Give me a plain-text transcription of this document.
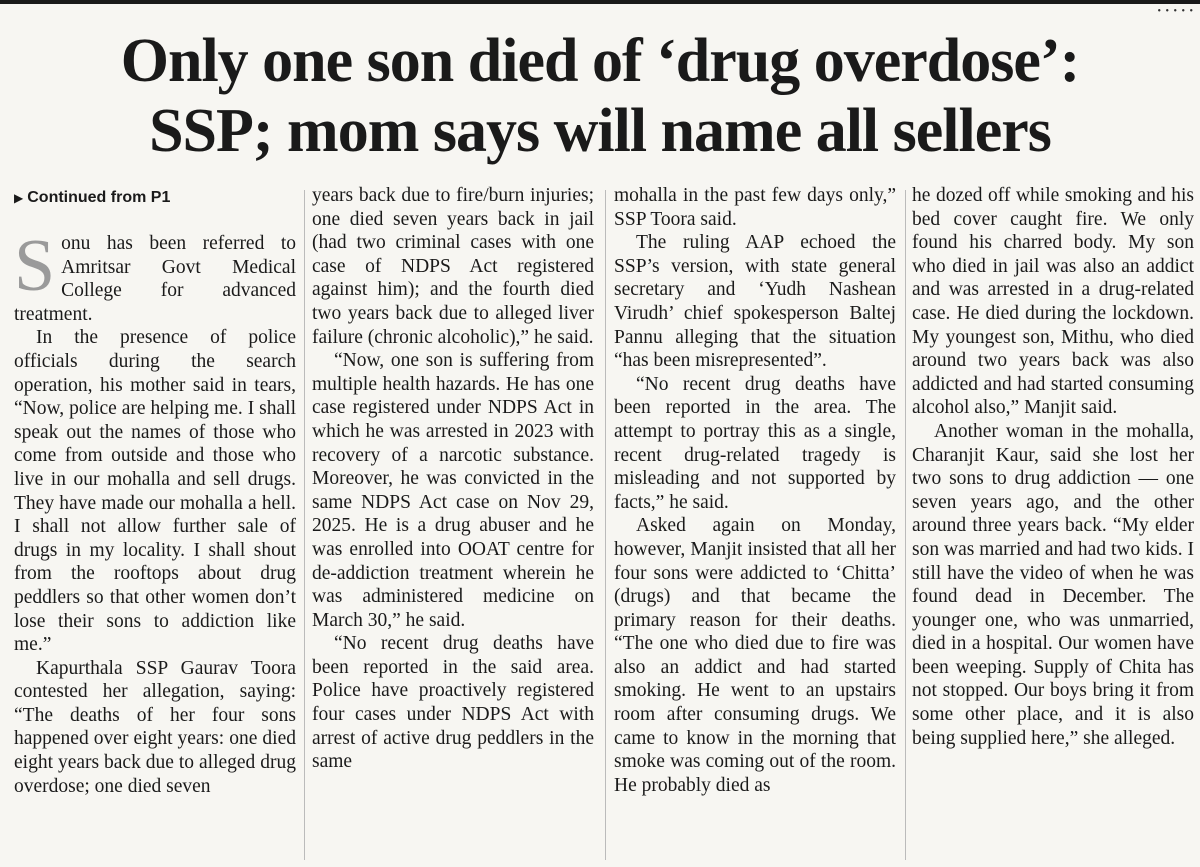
• • • • •
Only one son died of ‘drug overdose’:
SSP; mom says will name all sellers
▶ Continued from P1

Sonu has been referred to Amritsar Govt Medical College for advanced treatment.

In the presence of police officials during the search operation, his mother said in tears, “Now, police are helping me. I shall speak out the names of those who come from outside and those who live in our mohalla and sell drugs. They have made our mohalla a hell. I shall not allow further sale of drugs in my locality. I shall shout from the rooftops about drug peddlers so that other women don’t lose their sons to addiction like me.”

Kapurthala SSP Gaurav Toora contested her allegation, saying: “The deaths of her four sons happened over eight years: one died eight years back due to alleged drug overdose; one died seven

years back due to fire/burn injuries; one died seven years back in jail (had two criminal cases with one case of NDPS Act registered against him); and the fourth died two years back due to alleged liver failure (chronic alcoholic),” he said.

“Now, one son is suffering from multiple health hazards. He has one case registered under NDPS Act in which he was arrested in 2023 with recovery of a narcotic substance. Moreover, he was convicted in the same NDPS Act case on Nov 29, 2025. He is a drug abuser and he was enrolled into OOAT centre for de-addiction treatment wherein he was administered medicine on March 30,” he said.

“No recent drug deaths have been reported in the said area. Police have proactively registered four cases under NDPS Act with arrest of active drug peddlers in the same

mohalla in the past few days only,” SSP Toora said.

The ruling AAP echoed the SSP’s version, with state general secretary and ‘Yudh Nashean Virudh’ chief spokesperson Baltej Pannu alleging that the situation “has been misrepresented”.

“No recent drug deaths have been reported in the area. The attempt to portray this as a single, recent drug-related tragedy is misleading and not supported by facts,” he said.

Asked again on Monday, however, Manjit insisted that all her four sons were addicted to ‘Chitta’ (drugs) and that became the primary reason for their deaths. “The one who died due to fire was also an addict and had started smoking. He went to an upstairs room after consuming drugs. We came to know in the morning that smoke was coming out of the room. He probably died as

he dozed off while smoking and his bed cover caught fire. We only found his charred body. My son who died in jail was also an addict and was arrested in a drug-related case. He died during the lockdown. My youngest son, Mithu, who died around two years back was also addicted and had started consuming alcohol also,” Manjit said.

Another woman in the mohalla, Charanjit Kaur, said she lost her two sons to drug addiction — one seven years ago, and the other around three years back. “My elder son was married and had two kids. I still have the video of when he was found dead in December. The younger one, who was unmarried, died in a hospital. Our women have been weeping. Supply of Chita has not stopped. Our boys bring it from some other place, and it is also being supplied here,” she alleged.
